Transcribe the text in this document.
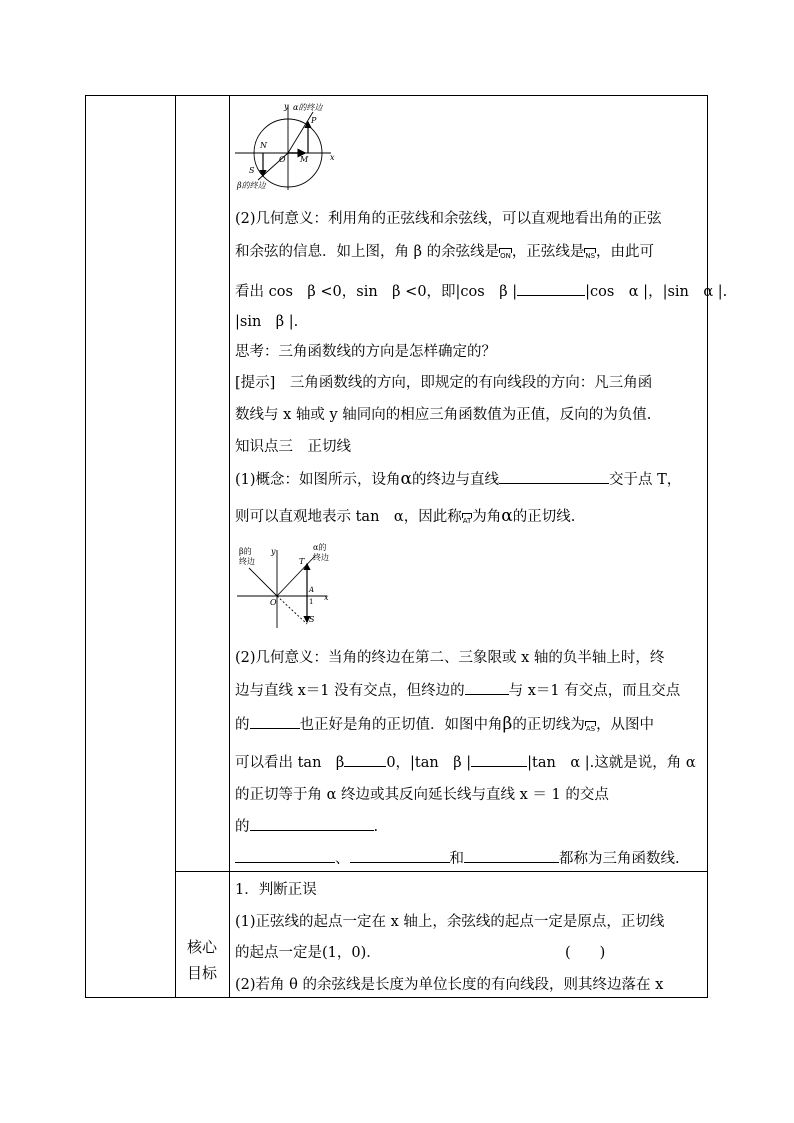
核心
目标
y α的终边
P
N
O M	x
S
β的终边
β的
终边
y
T
α的
终边
A
1 x
O
S
(2)几何意义：利用角的正弦线和余弦线，可以直观地看出角的正弦
和余弦的信息．如上图，角 β 的余弦线是ON，正弦线是NS，由此可
看出 cos　β <0，sin　β <0，即|cos　β |	|cos　α |，|sin　α |.
|sin　β |.
思考：三角函数线的方向是怎样确定的？
[提示]　三角函数线的方向，即规定的有向线段的方向：凡三角函
数线与 x 轴或 y 轴同向的相应三角函数值为正值，反向的为负值.
知识点三　正切线
(1)概念：如图所示，设角α的终边与直线	交于点 T，
则可以直观地表示 tan　α，因此称AT为角α的正切线.
(2)几何意义：当角的终边在第二、三象限或 x 轴的负半轴上时，终
边与直线 x＝1 没有交点，但终边的	与 x＝1 有交点，而且交点
的	也正好是角的正切值．如图中角β的正切线为AS，从图中
可以看出 tan　β	0，|tan　β |	|tan　α |.这就是说，角 α
的正切等于角 α 终边或其反向延长线与直线 x ＝ 1 的交点
的	.
、	和	都称为三角函数线.
1．判断正误
(1)正弦线的起点一定在 x 轴上，余弦线的起点一定是原点，正切线
的起点一定是(1，0)．	(　　)
(2)若角 θ 的余弦线是长度为单位长度的有向线段，则其终边落在 x
